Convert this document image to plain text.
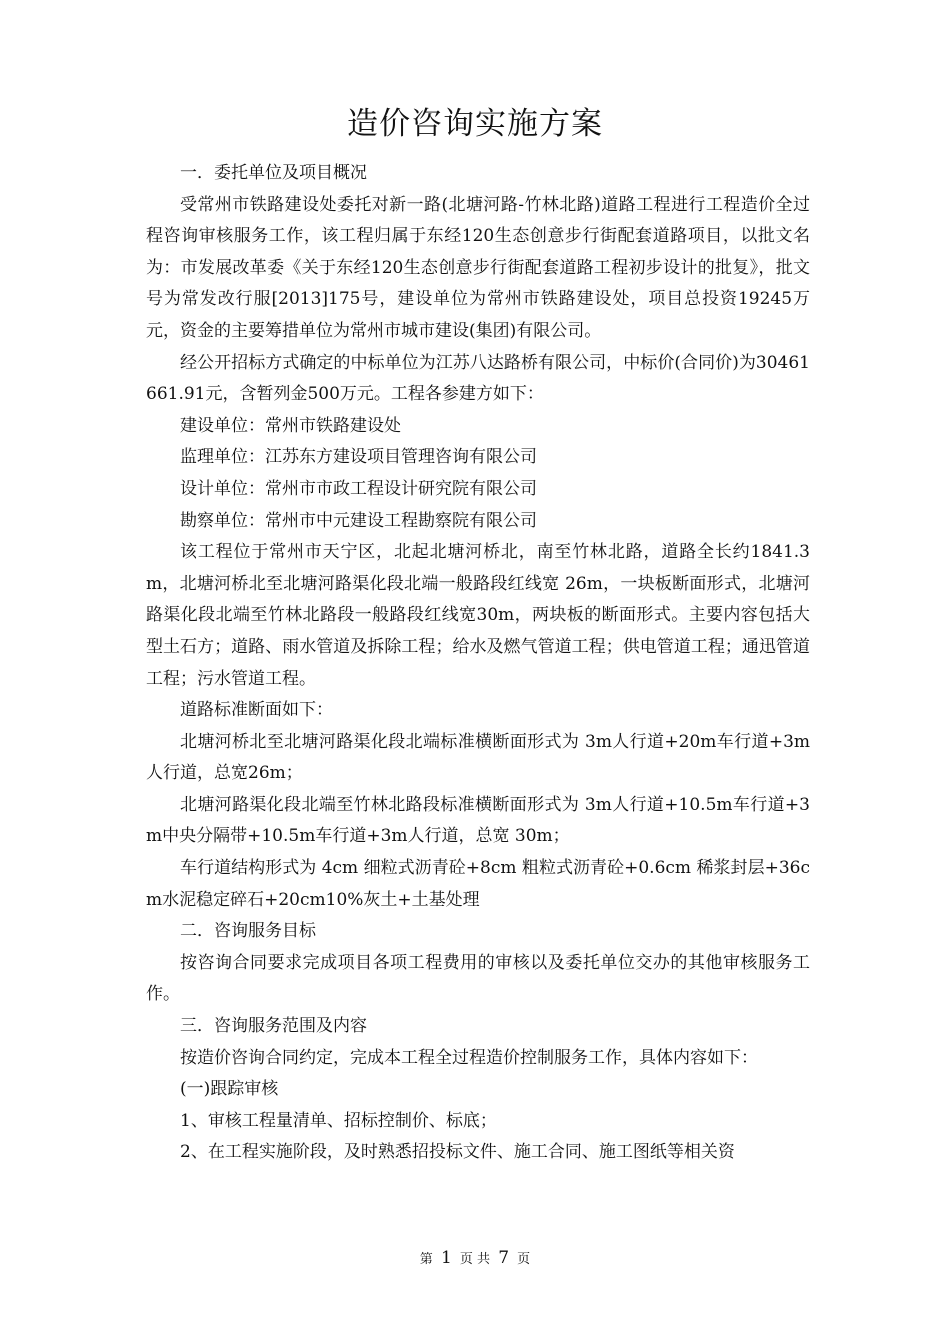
造价咨询实施方案

一．委托单位及项目概况

受常州市铁路建设处委托对新一路(北塘河路-竹林北路)道路工程进行工程造价全过程咨询审核服务工作，该工程归属于东经120生态创意步行街配套道路项目，以批文名为：市发展改革委《关于东经120生态创意步行街配套道路工程初步设计的批复》，批文号为常发改行服[2013]175号，建设单位为常州市铁路建设处，项目总投资19245万元，资金的主要筹措单位为常州市城市建设(集团)有限公司。

经公开招标方式确定的中标单位为江苏八达路桥有限公司，中标价(合同价)为30461661.91元，含暂列金500万元。工程各参建方如下：

建设单位：常州市铁路建设处

监理单位：江苏东方建设项目管理咨询有限公司

设计单位：常州市市政工程设计研究院有限公司

勘察单位：常州市中元建设工程勘察院有限公司

该工程位于常州市天宁区，北起北塘河桥北，南至竹林北路，道路全长约1841.3m，北塘河桥北至北塘河路渠化段北端一般路段红线宽 26m，一块板断面形式，北塘河路渠化段北端至竹林北路段一般路段红线宽30m，两块板的断面形式。主要内容包括大型土石方；道路、雨水管道及拆除工程；给水及燃气管道工程；供电管道工程；通迅管道工程；污水管道工程。

道路标准断面如下：

北塘河桥北至北塘河路渠化段北端标准横断面形式为 3m人行道+20m车行道+3m人行道，总宽26m；

北塘河路渠化段北端至竹林北路段标准横断面形式为 3m人行道+10.5m车行道+3m中央分隔带+10.5m车行道+3m人行道，总宽 30m；

车行道结构形式为 4cm 细粒式沥青砼+8cm 粗粒式沥青砼+0.6cm 稀浆封层+36cm水泥稳定碎石+20cm10%灰土+土基处理

二．咨询服务目标

按咨询合同要求完成项目各项工程费用的审核以及委托单位交办的其他审核服务工作。

三．咨询服务范围及内容

按造价咨询合同约定，完成本工程全过程造价控制服务工作，具体内容如下：

(一)跟踪审核

1、审核工程量清单、招标控制价、标底；

2、在工程实施阶段，及时熟悉招投标文件、施工合同、施工图纸等相关资

第 1 页 共 7 页
